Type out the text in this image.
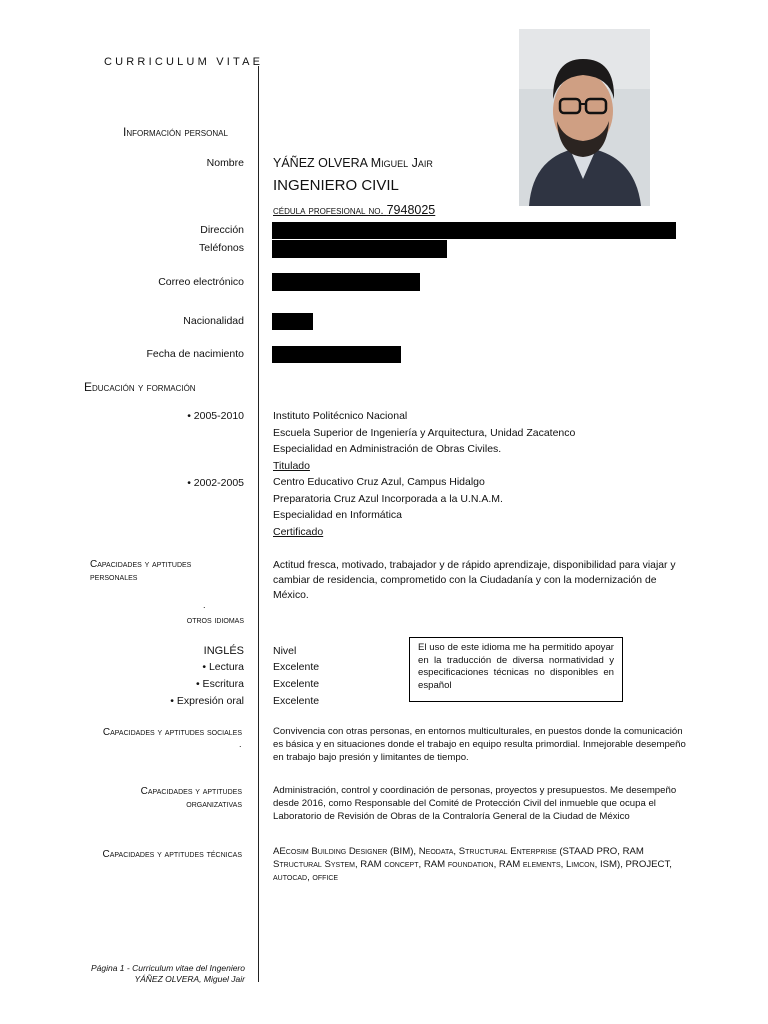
CURRICULUM VITAE
Información personal
Nombre YÁÑEZ OLVERA Miguel Jair
INGENIERO CIVIL
cédula profesional no. 7948025
Dirección
Teléfonos
Correo electrónico
Nacionalidad
Fecha de nacimiento
Educación y formación
• 2005-2010	Instituto Politécnico Nacional
Escuela Superior de Ingeniería y Arquitectura, Unidad Zacatenco
Especialidad en Administración de Obras Civiles.
Titulado
• 2002-2005	Centro Educativo Cruz Azul, Campus Hidalgo
Preparatoria Cruz Azul Incorporada a la U.N.A.M.
Especialidad en Informática
Certificado
Capacidades y aptitudes
personales
Actitud fresca, motivado, trabajador y de rápido aprendizaje, disponibilidad para viajar y cambiar de residencia, comprometido con la Ciudadanía y con la modernización de México.
.
otros idiomas
INGLÉS	Nivel
• Lectura	Excelente
• Escritura	Excelente
• Expresión oral	Excelente
El uso de este idioma me ha permitido apoyar en la traducción de diversa normatividad y especificaciones técnicas no disponibles en español
Capacidades y aptitudes sociales
.
Convivencia con otras personas, en entornos multiculturales, en puestos donde la comunicación es básica y en situaciones donde el trabajo en equipo resulta primordial. Inmejorable desempeño en trabajo bajo presión y limitantes de tiempo.
Capacidades y aptitudes
organizativas
Administración, control y coordinación de personas, proyectos y presupuestos. Me desempeño desde 2016, como Responsable del Comité de Protección Civil del inmueble que ocupa el Laboratorio de Revisión de Obras de la Contraloría General de la Ciudad de México
Capacidades y aptitudes técnicas	AEcosim Building Designer (BIM), Neodata, Structural Enterprise (STAAD PRO, RAM Structural System, RAM concept, RAM foundation, RAM elements, Limcon, ISM), PROJECT, autocad, office
Página 1 - Curriculum vitae del Ingeniero
YÁÑEZ OLVERA, Miguel Jair
